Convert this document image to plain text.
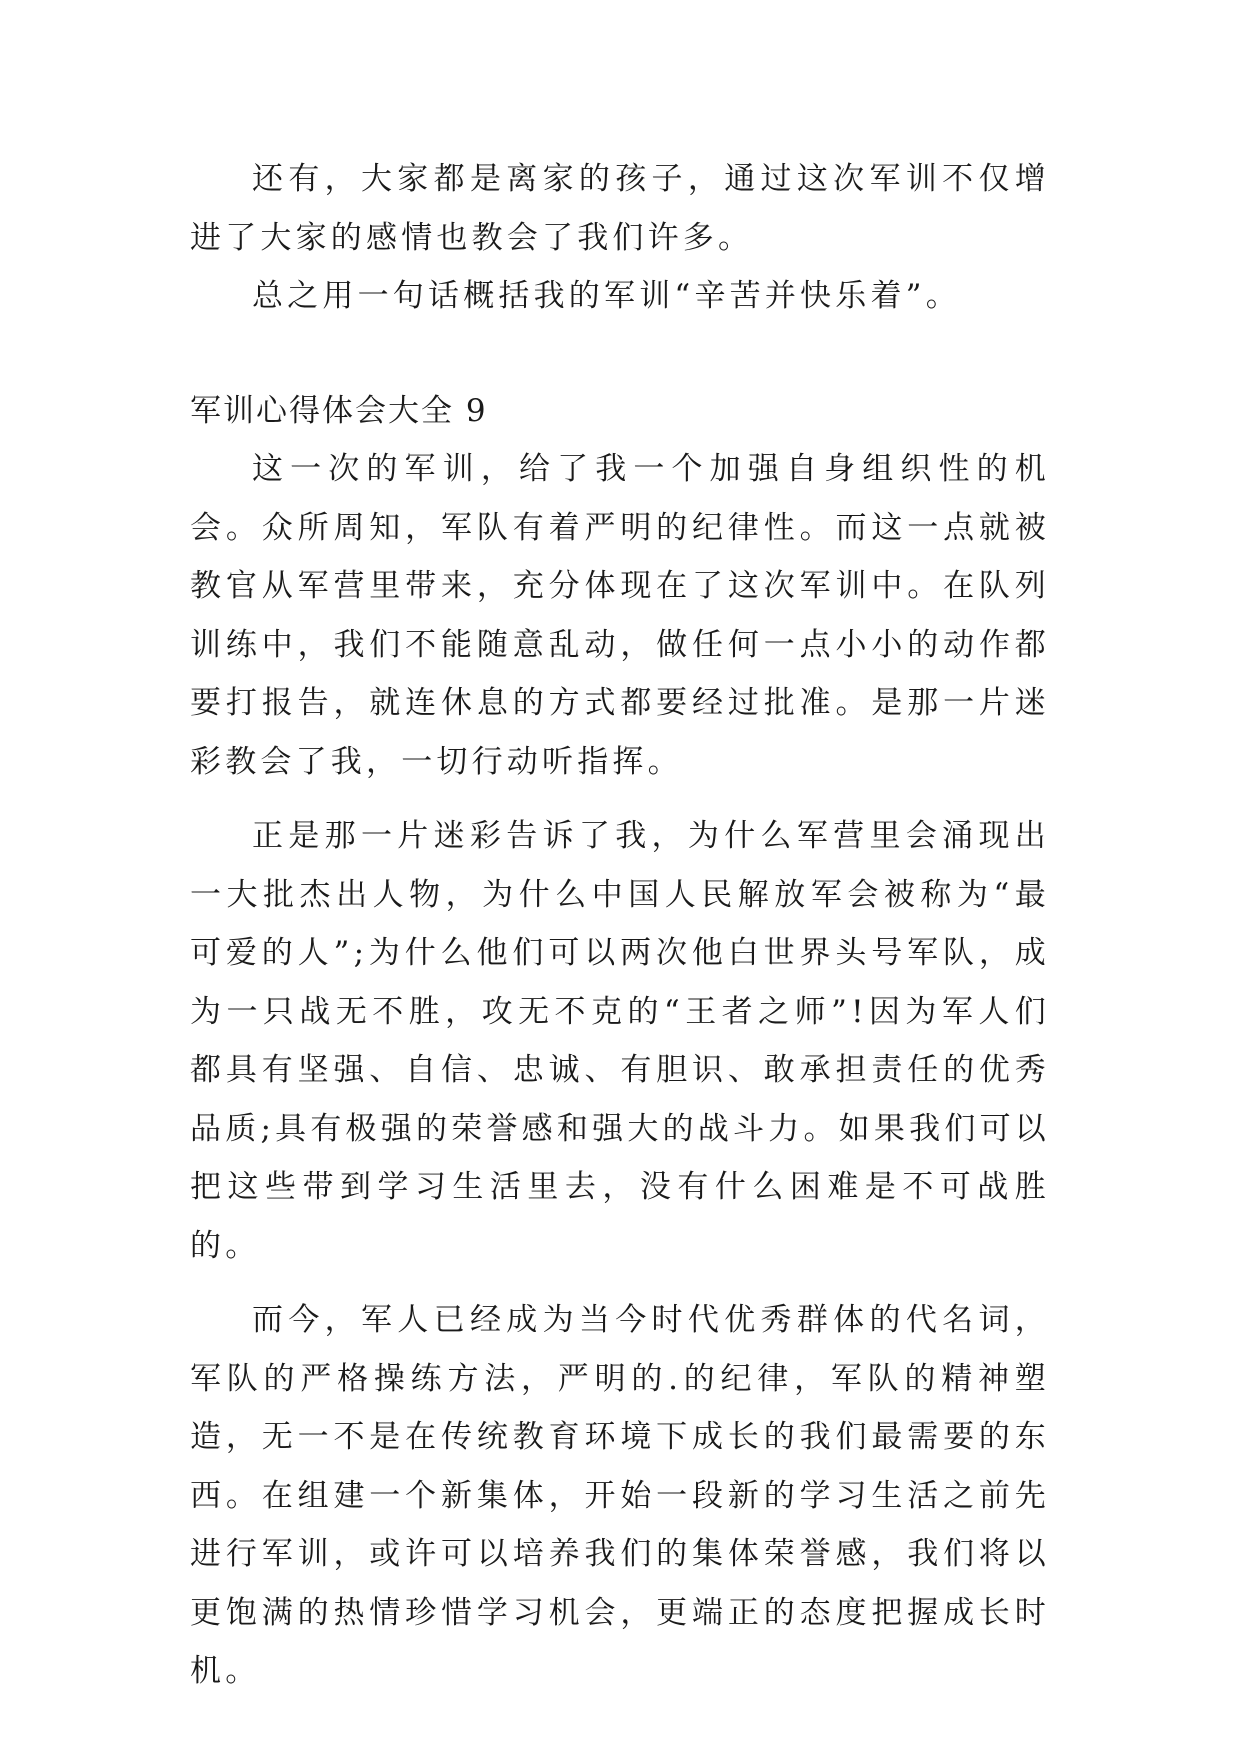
还有，大家都是离家的孩子，通过这次军训不仅增进了大家的感情也教会了我们许多。

总之用一句话概括我的军训“辛苦并快乐着”。

军训心得体会大全 9

这一次的军训，给了我一个加强自身组织性的机会。众所周知，军队有着严明的纪律性。而这一点就被教官从军营里带来，充分体现在了这次军训中。在队列训练中，我们不能随意乱动，做任何一点小小的动作都要打报告，就连休息的方式都要经过批准。是那一片迷彩教会了我，一切行动听指挥。

正是那一片迷彩告诉了我，为什么军营里会涌现出一大批杰出人物，为什么中国人民解放军会被称为“最可爱的人”;为什么他们可以两次他白世界头号军队，成为一只战无不胜，攻无不克的“王者之师”!因为军人们都具有坚强、自信、忠诚、有胆识、敢承担责任的优秀品质;具有极强的荣誉感和强大的战斗力。如果我们可以把这些带到学习生活里去，没有什么困难是不可战胜的。

而今，军人已经成为当今时代优秀群体的代名词，军队的严格操练方法，严明的.的纪律，军队的精神塑造，无一不是在传统教育环境下成长的我们最需要的东西。在组建一个新集体，开始一段新的学习生活之前先进行军训，或许可以培养我们的集体荣誉感，我们将以更饱满的热情珍惜学习机会，更端正的态度把握成长时机。
